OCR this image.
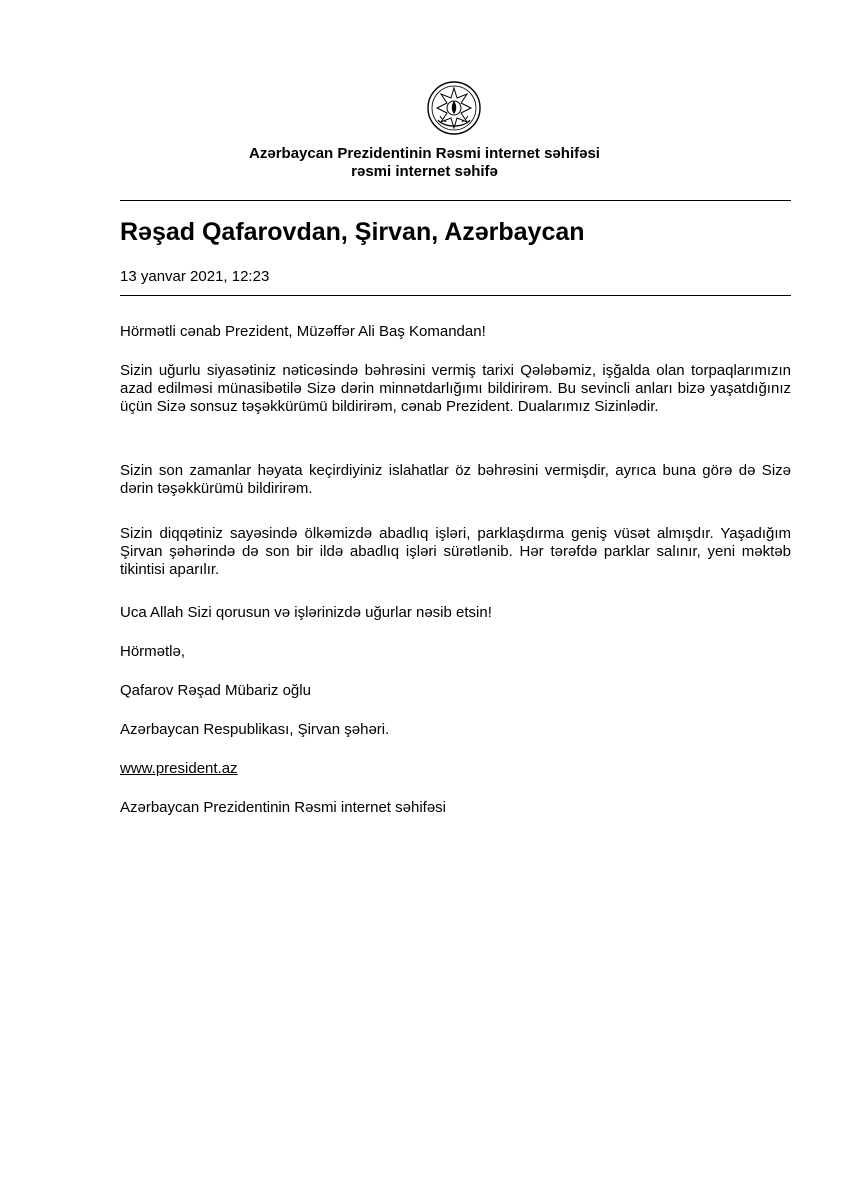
Azərbaycan Prezidentinin Rəsmi internet səhifəsi
rəsmi internet səhifə
Rəşad Qafarovdan, Şirvan, Azərbaycan
13 yanvar 2021, 12:23
Hörmətli cənab Prezident, Müzəffər Ali Baş Komandan!
Sizin uğurlu siyasətiniz nəticəsində bəhrəsini vermiş tarixi Qələbəmiz, işğalda olan torpaqlarımızın azad edilməsi münasibətilə Sizə dərin minnətdarlığımı bildirirəm. Bu sevincli anları bizə yaşatdığınız üçün Sizə sonsuz təşəkkürümü bildirirəm, cənab Prezident. Dualarımız Sizinlədir.
Sizin son zamanlar həyata keçirdiyiniz islahatlar öz bəhrəsini vermişdir, ayrıca buna görə də Sizə dərin təşəkkürümü bildirirəm.
Sizin diqqətiniz sayəsində ölkəmizdə abadlıq işləri, parklaşdırma geniş vüsət almışdır. Yaşadığım Şirvan şəhərində də son bir ildə abadlıq işləri sürətlənib. Hər tərəfdə parklar salınır, yeni məktəb tikintisi aparılır.
Uca Allah Sizi qorusun və işlərinizdə uğurlar nəsib etsin!
Hörmətlə,
Qafarov Rəşad Mübariz oğlu
Azərbaycan Respublikası, Şirvan şəhəri.
www.president.az
Azərbaycan Prezidentinin Rəsmi internet səhifəsi
